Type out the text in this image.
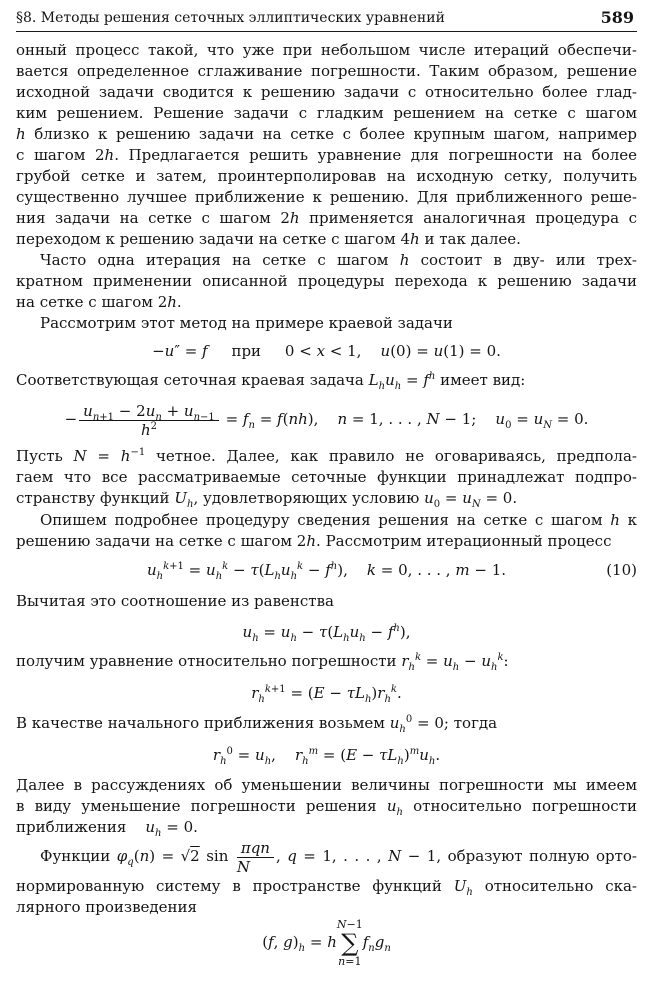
§8. Методы решения сеточных эллиптических уравнений	589
онный процесс такой, что уже при небольшом числе итераций обеспечи-
вается определенное сглаживание погрешности. Таким образом, решение
исходной задачи сводится к решению задачи с относительно более глад-
ким решением. Решение задачи с гладким решением на сетке с шагом
h близко к решению задачи на сетке с более крупным шагом, например
с шагом 2h. Предлагается решить уравнение для погрешности на более
грубой сетке и затем, проинтерполировав на исходную сетку, получить
существенно лучшее приближение к решению. Для приближенного реше-
ния задачи на сетке с шагом 2h применяется аналогичная процедура с
переходом к решению задачи на сетке с шагом 4h и так далее.
Часто одна итерация на сетке с шагом h состоит в дву- или трех-
кратном применении описанной процедуры перехода к решению задачи
на сетке с шагом 2h.
Рассмотрим этот метод на примере краевой задачи
−u″ = f при     0 < x < 1,    u(0) = u(1) = 0.
Соответствующая сеточная краевая задача $L_hu_h = f^h$ имеет вид:
− $\frac{u_{n+1} - 2u_n + u_{n-1}}{h^2} = f_n = f(nh)$,    n = 1, . . . , N − 1;    $u_0 = u_N = 0$.
Пусть $N = h^{-1}$ четное. Далее, как правило не оговариваясь, предпола-
гаем что все рассматриваемые сеточные функции принадлежат подпро-
странству функций $U_h$, удовлетворяющих условию $u_0 = u_N = 0$.
Опишем подробнее процедуру сведения решения на сетке с шагом h к
решению задачи на сетке с шагом 2h. Рассмотрим итерационный процесс
$u_h^{k+1} = u_h^k - \tau(L_hu_h^k - f^h)$,    k = 0, . . . , m − 1.	(10)
Вычитая это соотношение из равенства
$u_h = u_h - \tau(L_hu_h - f^h)$,
получим уравнение относительно погрешности $r_h^k = u_h - u_h^k$:
$r_h^{k+1} = (E - \tau L_h)r_h^k$.
В качестве начального приближения возьмем $u_h^0 = 0$; тогда
$r_h^0 = u_h$,    $r_h^m = (E - \tau L_h)^mu_h$.
Далее в рассуждениях об уменьшении величины погрешности мы имеем
в виду уменьшение погрешности решения $u_h$ относительно погрешности
приближения $u_h = 0$.
Функции $\varphi_q(n) = √2$ $\sin \frac{\text{πqn}}{N}$ , q = 1, . . . , N − 1, образуют полную орто-
нормированную систему в пространстве функций $U_h$ относительно ска-
лярного произведения
(f, $g)_h = hN-1$
∑
$n=1f_ng_n$
